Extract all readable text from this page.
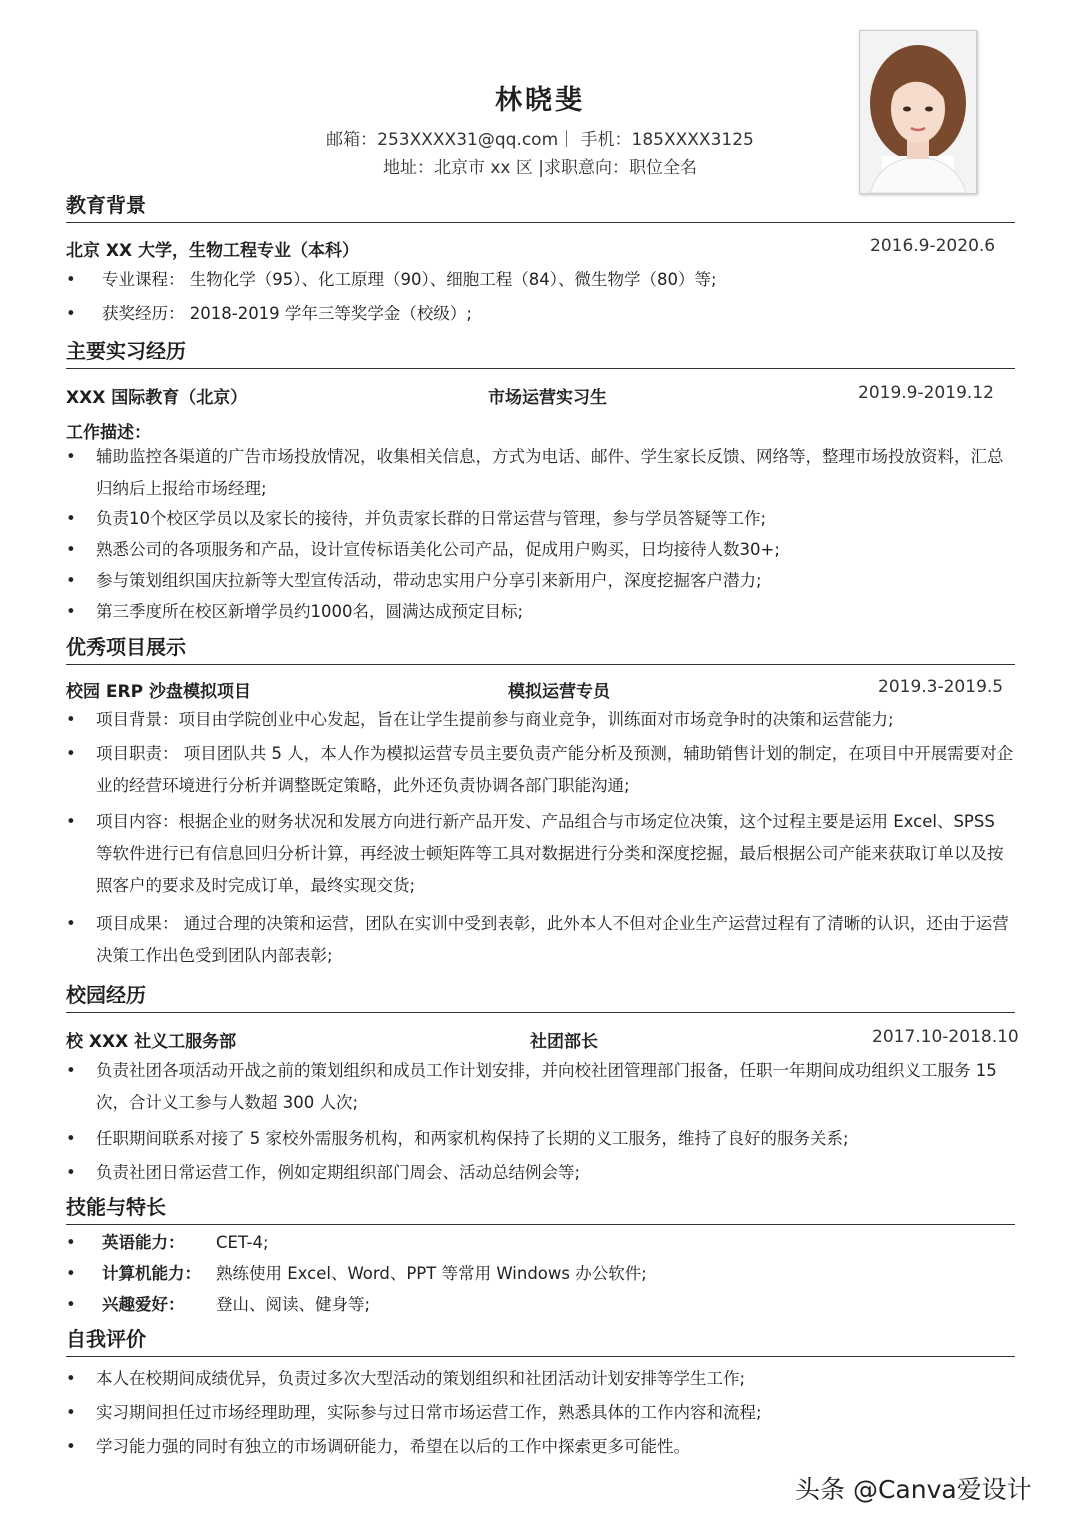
林晓斐
邮箱：253XXXX31@qq.com｜ 手机：185XXXX3125
地址：北京市 xx 区 |求职意向：职位全名
教育背景
北京 XX 大学，生物工程专业（本科）	2016.9-2020.6
• 专业课程： 生物化学（95）、化工原理（90）、细胞工程（84）、微生物学（80）等;
• 获奖经历： 2018-2019 学年三等奖学金（校级）;
主要实习经历
XXX 国际教育（北京）	市场运营实习生	2019.9-2019.12
工作描述：
• 辅助监控各渠道的广告市场投放情况，收集相关信息，方式为电话、邮件、学生家长反馈、网络等，整理市场投放资料，汇总归纳后上报给市场经理;
• 负责10个校区学员以及家长的接待，并负责家长群的日常运营与管理，参与学员答疑等工作;
• 熟悉公司的各项服务和产品，设计宣传标语美化公司产品，促成用户购买，日均接待人数30+;
• 参与策划组织国庆拉新等大型宣传活动，带动忠实用户分享引来新用户，深度挖掘客户潜力;
• 第三季度所在校区新增学员约1000名，圆满达成预定目标;
优秀项目展示
校园 ERP 沙盘模拟项目	模拟运营专员	2019.3-2019.5
• 项目背景：项目由学院创业中心发起，旨在让学生提前参与商业竞争，训练面对市场竞争时的决策和运营能力;
• 项目职责： 项目团队共 5 人，本人作为模拟运营专员主要负责产能分析及预测，辅助销售计划的制定，在项目中开展需要对企业的经营环境进行分析并调整既定策略，此外还负责协调各部门职能沟通;
• 项目内容：根据企业的财务状况和发展方向进行新产品开发、产品组合与市场定位决策，这个过程主要是运用 Excel、SPSS 等软件进行已有信息回归分析计算，再经波士顿矩阵等工具对数据进行分类和深度挖掘，最后根据公司产能来获取订单以及按照客户的要求及时完成订单，最终实现交货;
• 项目成果： 通过合理的决策和运营，团队在实训中受到表彰，此外本人不但对企业生产运营过程有了清晰的认识，还由于运营决策工作出色受到团队内部表彰;
校园经历
校 XXX 社义工服务部	社团部长	2017.10-2018.10
• 负责社团各项活动开战之前的策划组织和成员工作计划安排，并向校社团管理部门报备，任职一年期间成功组织义工服务 15 次，合计义工参与人数超 300 人次;
• 任职期间联系对接了 5 家校外需服务机构，和两家机构保持了长期的义工服务，维持了良好的服务关系;
• 负责社团日常运营工作，例如定期组织部门周会、活动总结例会等;
技能与特长
• 英语能力： CET-4;
• 计算机能力： 熟练使用 Excel、Word、PPT 等常用 Windows 办公软件;
• 兴趣爱好： 登山、阅读、健身等;
自我评价
• 本人在校期间成绩优异，负责过多次大型活动的策划组织和社团活动计划安排等学生工作;
• 实习期间担任过市场经理助理，实际参与过日常市场运营工作，熟悉具体的工作内容和流程;
• 学习能力强的同时有独立的市场调研能力，希望在以后的工作中探索更多可能性。
头条 @Canva爱设计
